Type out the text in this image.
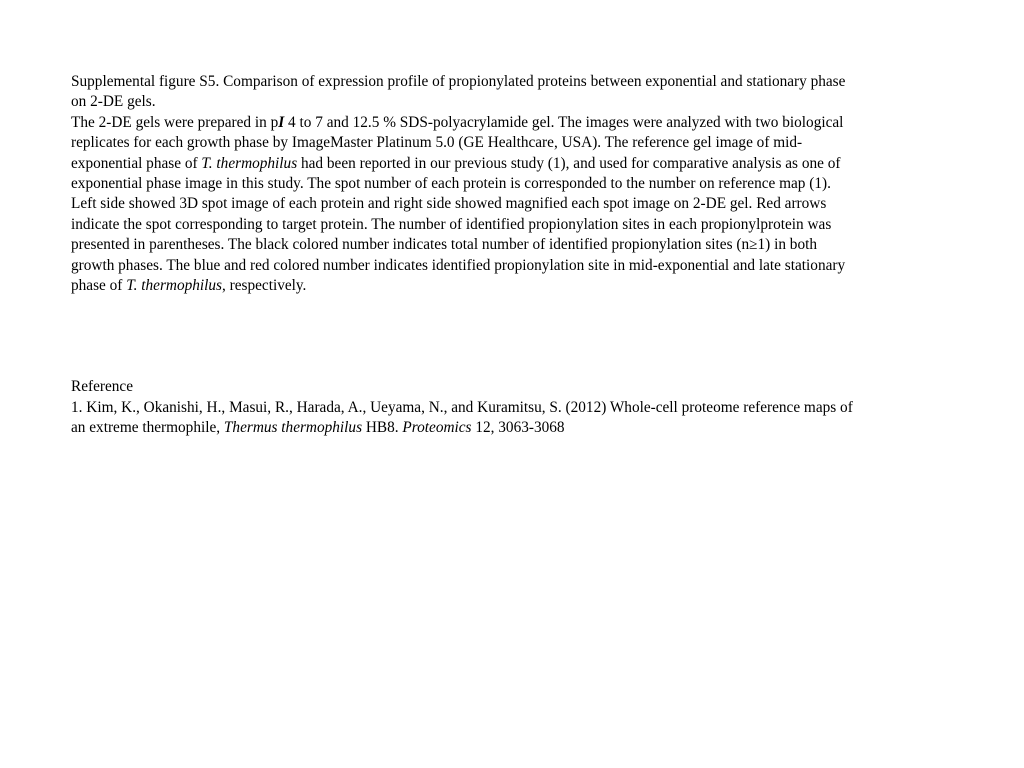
Supplemental figure S5. Comparison of expression profile of propionylated proteins between exponential and stationary phase
on 2-DE gels.
The 2-DE gels were prepared in pI 4 to 7 and 12.5 % SDS-polyacrylamide gel. The images were analyzed with two biological
replicates for each growth phase by ImageMaster Platinum 5.0 (GE Healthcare, USA). The reference gel image of mid-
exponential phase of T. thermophilus had been reported in our previous study (1), and used for comparative analysis as one of
exponential phase image in this study. The spot number of each protein is corresponded to the number on reference map (1).
Left side showed 3D spot image of each protein and right side showed magnified each spot image on 2-DE gel. Red arrows
indicate the spot corresponding to target protein. The number of identified propionylation sites in each propionylprotein was
presented in parentheses. The black colored number indicates total number of identified propionylation sites (n≥1) in both
growth phases. The blue and red colored number indicates identified propionylation site in mid-exponential and late stationary
phase of T. thermophilus, respectively.
Reference
1. Kim, K., Okanishi, H., Masui, R., Harada, A., Ueyama, N., and Kuramitsu, S. (2012) Whole-cell proteome reference maps of
an extreme thermophile, Thermus thermophilus HB8. Proteomics 12, 3063-3068
